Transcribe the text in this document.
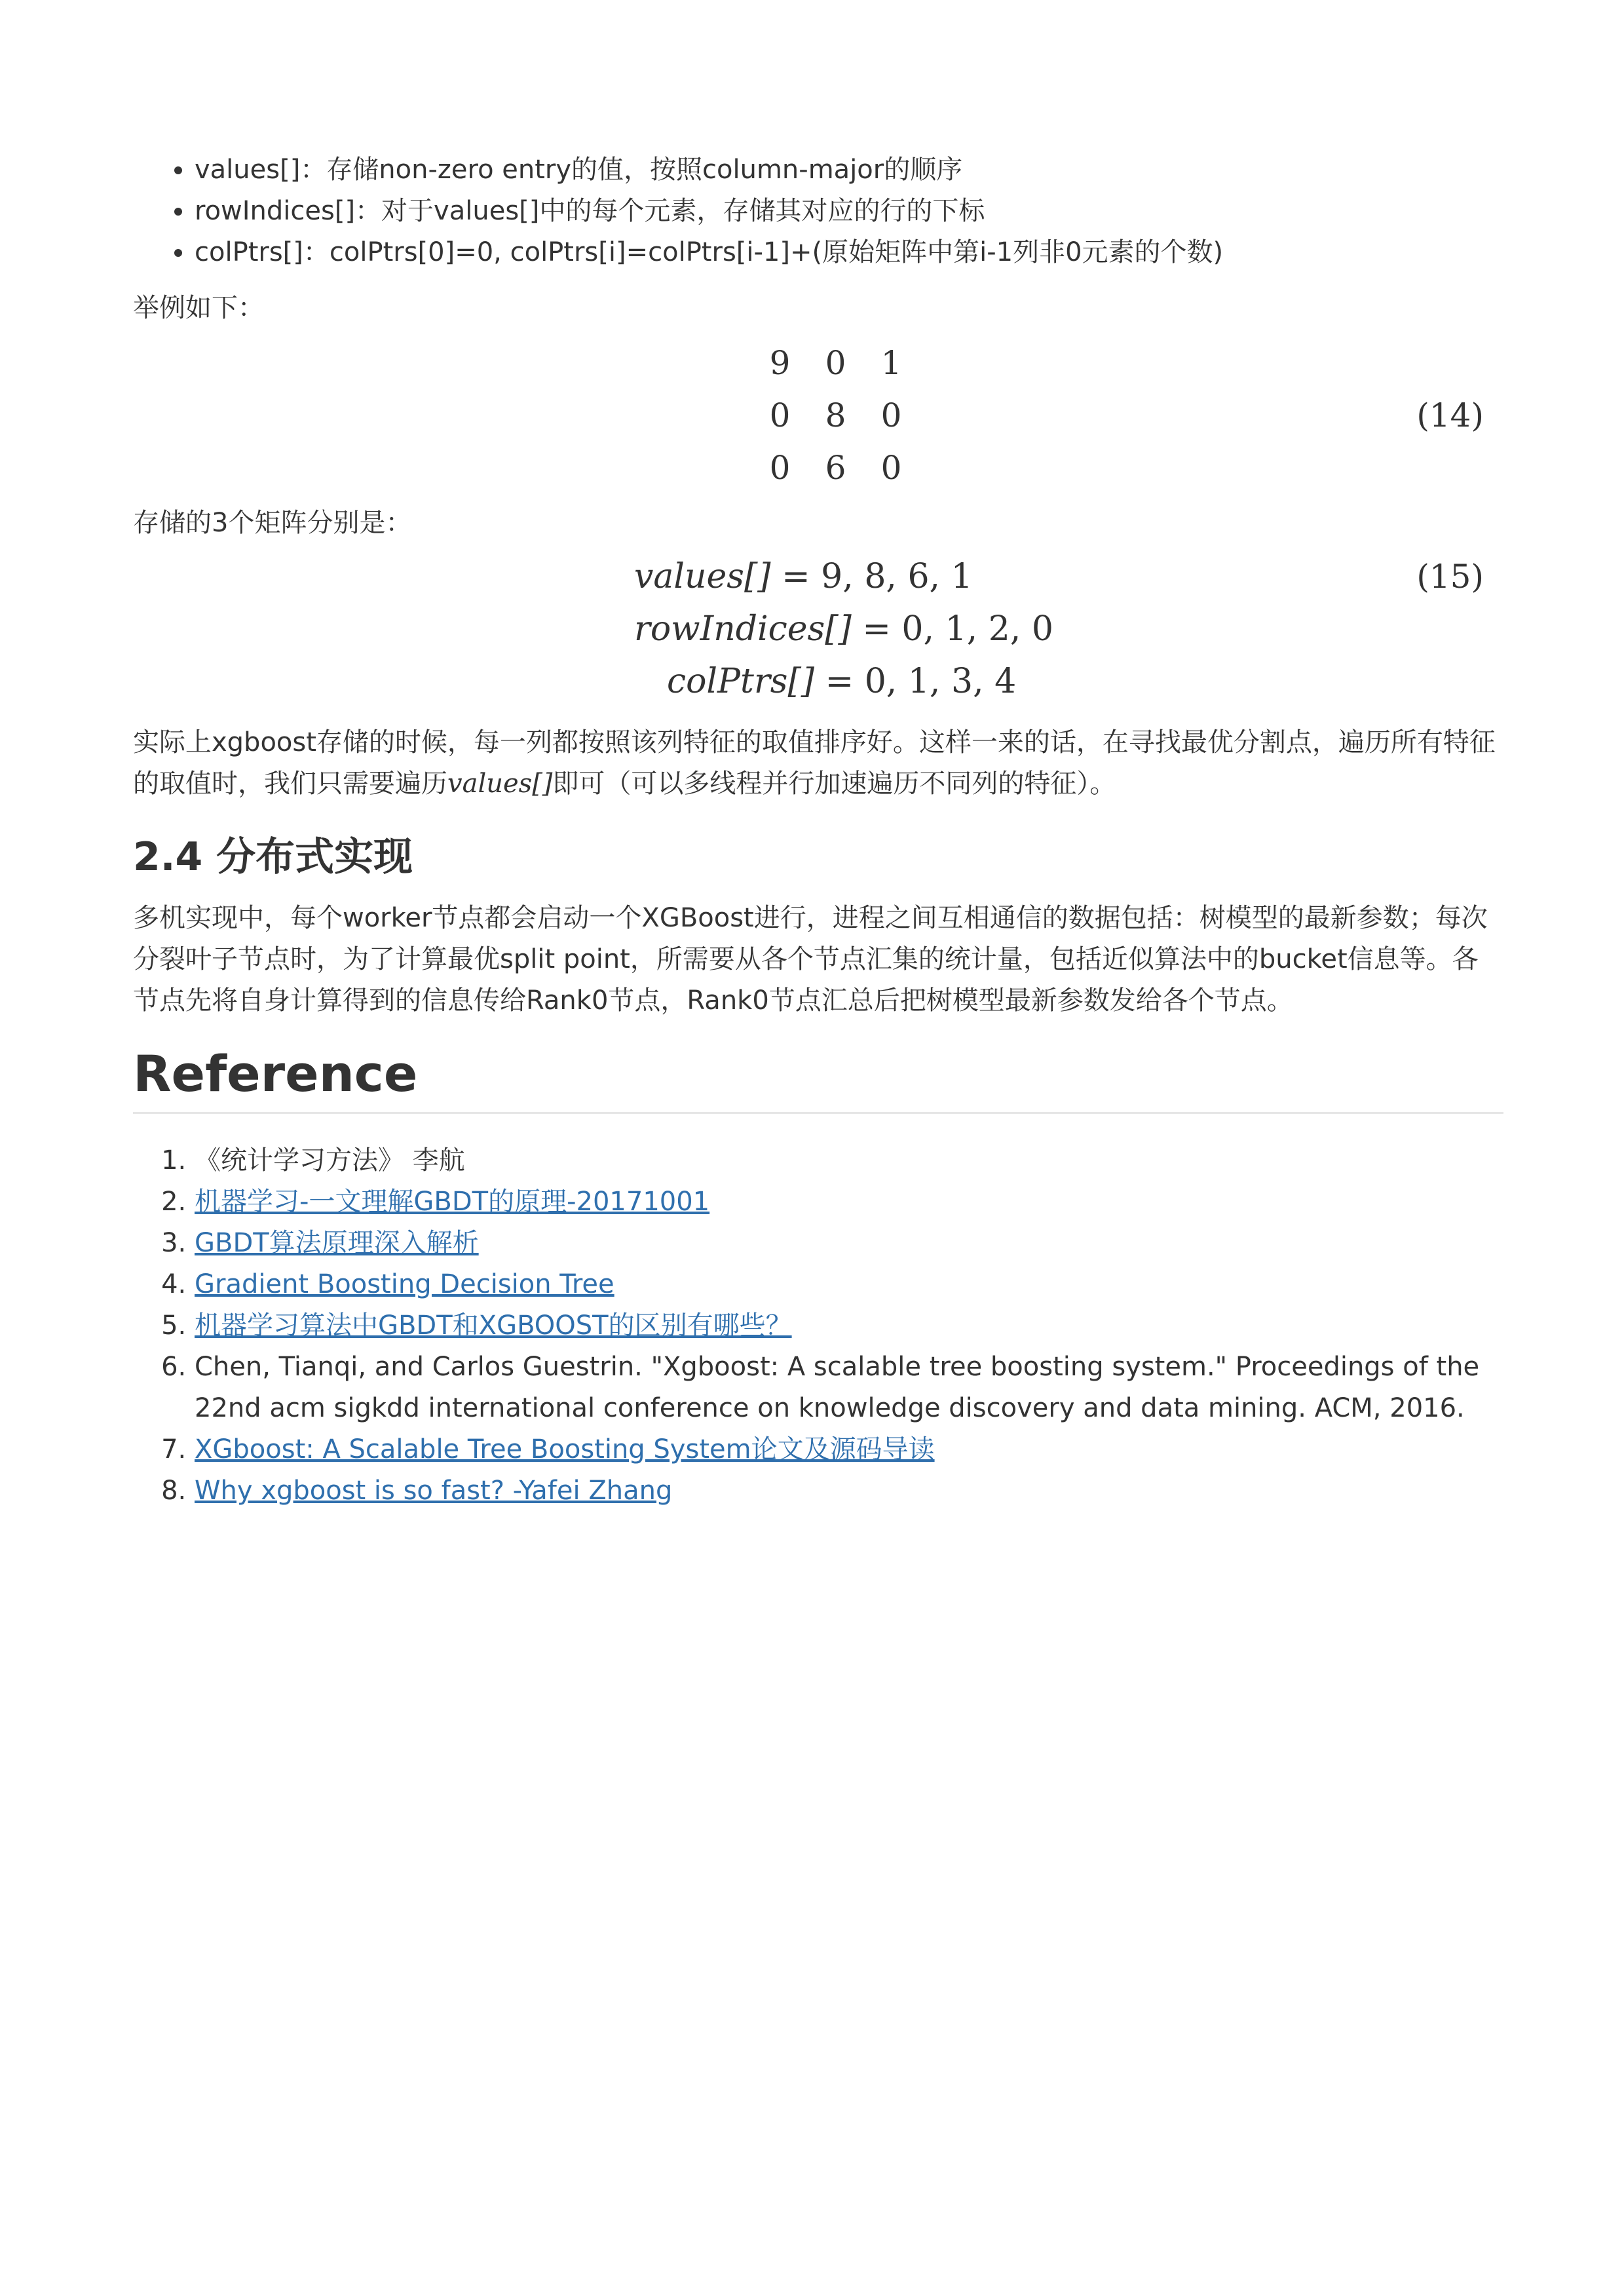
• values[]：存储non-zero entry的值，按照column-major的顺序
• rowIndices[]：对于values[]中的每个元素，存储其对应的行的下标
• colPtrs[]：colPtrs[0]=0, colPtrs[i]=colPtrs[i-1]+(原始矩阵中第i-1列非0元素的个数)

举例如下：

9	0	1
0	8	0
0	6	0
(14)

存储的3个矩阵分别是：

values[] = 9, 8, 6, 1
rowIndices[] = 0, 1, 2, 0
colPtrs[] = 0, 1, 3, 4
(15)

实际上xgboost存储的时候，每一列都按照该列特征的取值排序好。这样一来的话，在寻找最优分割点，遍历所有特征的取值时，我们只需要遍历values[]即可（可以多线程并行加速遍历不同列的特征）。

2.4 分布式实现

多机实现中，每个worker节点都会启动一个XGBoost进行，进程之间互相通信的数据包括：树模型的最新参数；每次分裂叶子节点时，为了计算最优split point，所需要从各个节点汇集的统计量，包括近似算法中的bucket信息等。各节点先将自身计算得到的信息传给Rank0节点，Rank0节点汇总后把树模型最新参数发给各个节点。

Reference
1. 《统计学习方法》 李航
2. 机器学习-一文理解GBDT的原理-20171001
3. GBDT算法原理深入解析
4. Gradient Boosting Decision Tree
5. 机器学习算法中GBDT和XGBOOST的区别有哪些？
6. Chen, Tianqi, and Carlos Guestrin. "Xgboost: A scalable tree boosting system." Proceedings of the 22nd acm sigkdd international conference on knowledge discovery and data mining. ACM, 2016.
7. XGboost: A Scalable Tree Boosting System论文及源码导读
8. Why xgboost is so fast? -Yafei Zhang
